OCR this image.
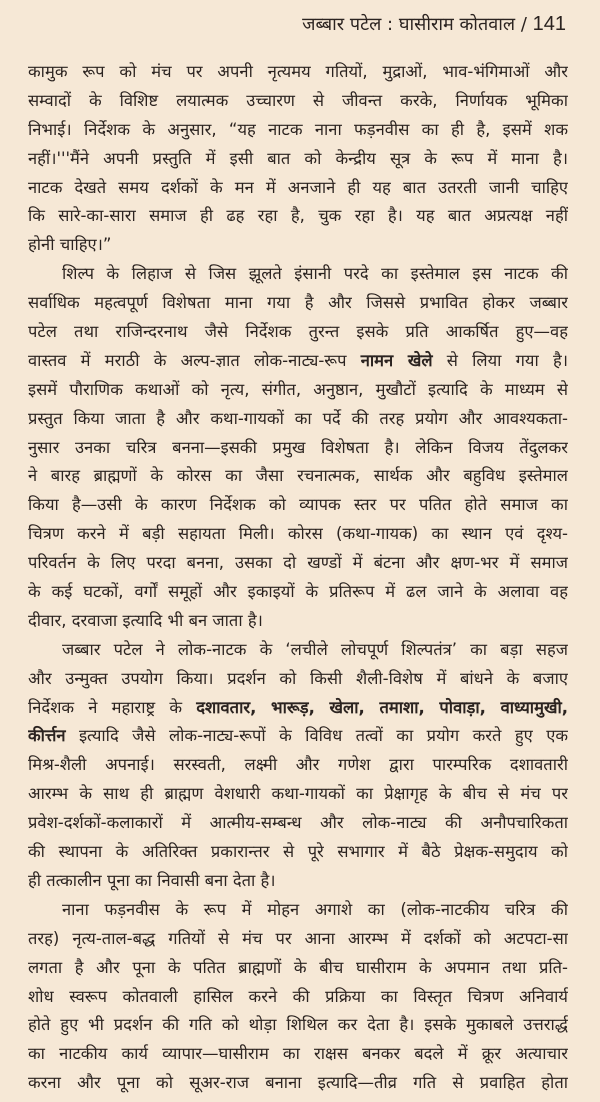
जब्बार पटेल : घासीराम कोतवाल / 141
कामुक रूप को मंच पर अपनी नृत्यमय गतियों, मुद्राओं, भाव-भंगिमाओं और
सम्वादों के विशिष्ट लयात्मक उच्चारण से जीवन्त करके, निर्णायक भूमिका
निभाई। निर्देशक के अनुसार, “यह नाटक नाना फड़नवीस का ही है, इसमें शक
नहीं।'''मैंने अपनी प्रस्तुति में इसी बात को केन्द्रीय सूत्र के रूप में माना है।
नाटक देखते समय दर्शकों के मन में अनजाने ही यह बात उतरती जानी चाहिए
कि सारे-का-सारा समाज ही ढह रहा है, चुक रहा है। यह बात अप्रत्यक्ष नहीं
होनी चाहिए।”
शिल्प के लिहाज से जिस झूलते इंसानी परदे का इस्तेमाल इस नाटक की
सर्वाधिक महत्वपूर्ण विशेषता माना गया है और जिससे प्रभावित होकर जब्बार
पटेल तथा राजिन्दरनाथ जैसे निर्देशक तुरन्त इसके प्रति आकर्षित हुए—वह
वास्तव में मराठी के अल्प-ज्ञात लोक-नाट्य-रूप नामन खेले से लिया गया है।
इसमें पौराणिक कथाओं को नृत्य, संगीत, अनुष्ठान, मुखौटों इत्यादि के माध्यम से
प्रस्तुत किया जाता है और कथा-गायकों का पर्दे की तरह प्रयोग और आवश्यकता-
नुसार उनका चरित्र बनना—इसकी प्रमुख विशेषता है। लेकिन विजय तेंदुलकर
ने बारह ब्राह्मणों के कोरस का जैसा रचनात्मक, सार्थक और बहुविध इस्तेमाल
किया है—उसी के कारण निर्देशक को व्यापक स्तर पर पतित होते समाज का
चित्रण करने में बड़ी सहायता मिली। कोरस (कथा-गायक) का स्थान एवं दृश्य-
परिवर्तन के लिए परदा बनना, उसका दो खण्डों में बंटना और क्षण-भर में समाज
के कई घटकों, वर्गों समूहों और इकाइयों के प्रतिरूप में ढल जाने के अलावा वह
दीवार, दरवाजा इत्यादि भी बन जाता है।
जब्बार पटेल ने लोक-नाटक के ‘लचीले लोचपूर्ण शिल्पतंत्र’ का बड़ा सहज
और उन्मुक्त उपयोग किया। प्रदर्शन को किसी शैली-विशेष में बांधने के बजाए
निर्देशक ने महाराष्ट्र के दशावतार, भारूड़, खेला, तमाशा, पोवाड़ा, वाध्यामुखी,
कीर्त्तन इत्यादि जैसे लोक-नाट्य-रूपों के विविध तत्वों का प्रयोग करते हुए एक
मिश्र-शैली अपनाई। सरस्वती, लक्ष्मी और गणेश द्वारा पारम्परिक दशावतारी
आरम्भ के साथ ही ब्राह्मण वेशधारी कथा-गायकों का प्रेक्षागृह के बीच से मंच पर
प्रवेश-दर्शकों-कलाकारों में आत्मीय-सम्बन्ध और लोक-नाट्य की अनौपचारिकता
की स्थापना के अतिरिक्त प्रकारान्तर से पूरे सभागार में बैठे प्रेक्षक-समुदाय को
ही तत्कालीन पूना का निवासी बना देता है।
नाना फड़नवीस के रूप में मोहन अगाशे का (लोक-नाटकीय चरित्र की
तरह) नृत्य-ताल-बद्ध गतियों से मंच पर आना आरम्भ में दर्शकों को अटपटा-सा
लगता है और पूना के पतित ब्राह्मणों के बीच घासीराम के अपमान तथा प्रति-
शोध स्वरूप कोतवाली हासिल करने की प्रक्रिया का विस्तृत चित्रण अनिवार्य
होते हुए भी प्रदर्शन की गति को थोड़ा शिथिल कर देता है। इसके मुकाबले उत्तरार्द्ध
का नाटकीय कार्य व्यापार—घासीराम का राक्षस बनकर बदले में क्रूर अत्याचार
करना और पूना को सूअर-राज बनाना इत्यादि—तीव्र गति से प्रवाहित होता
